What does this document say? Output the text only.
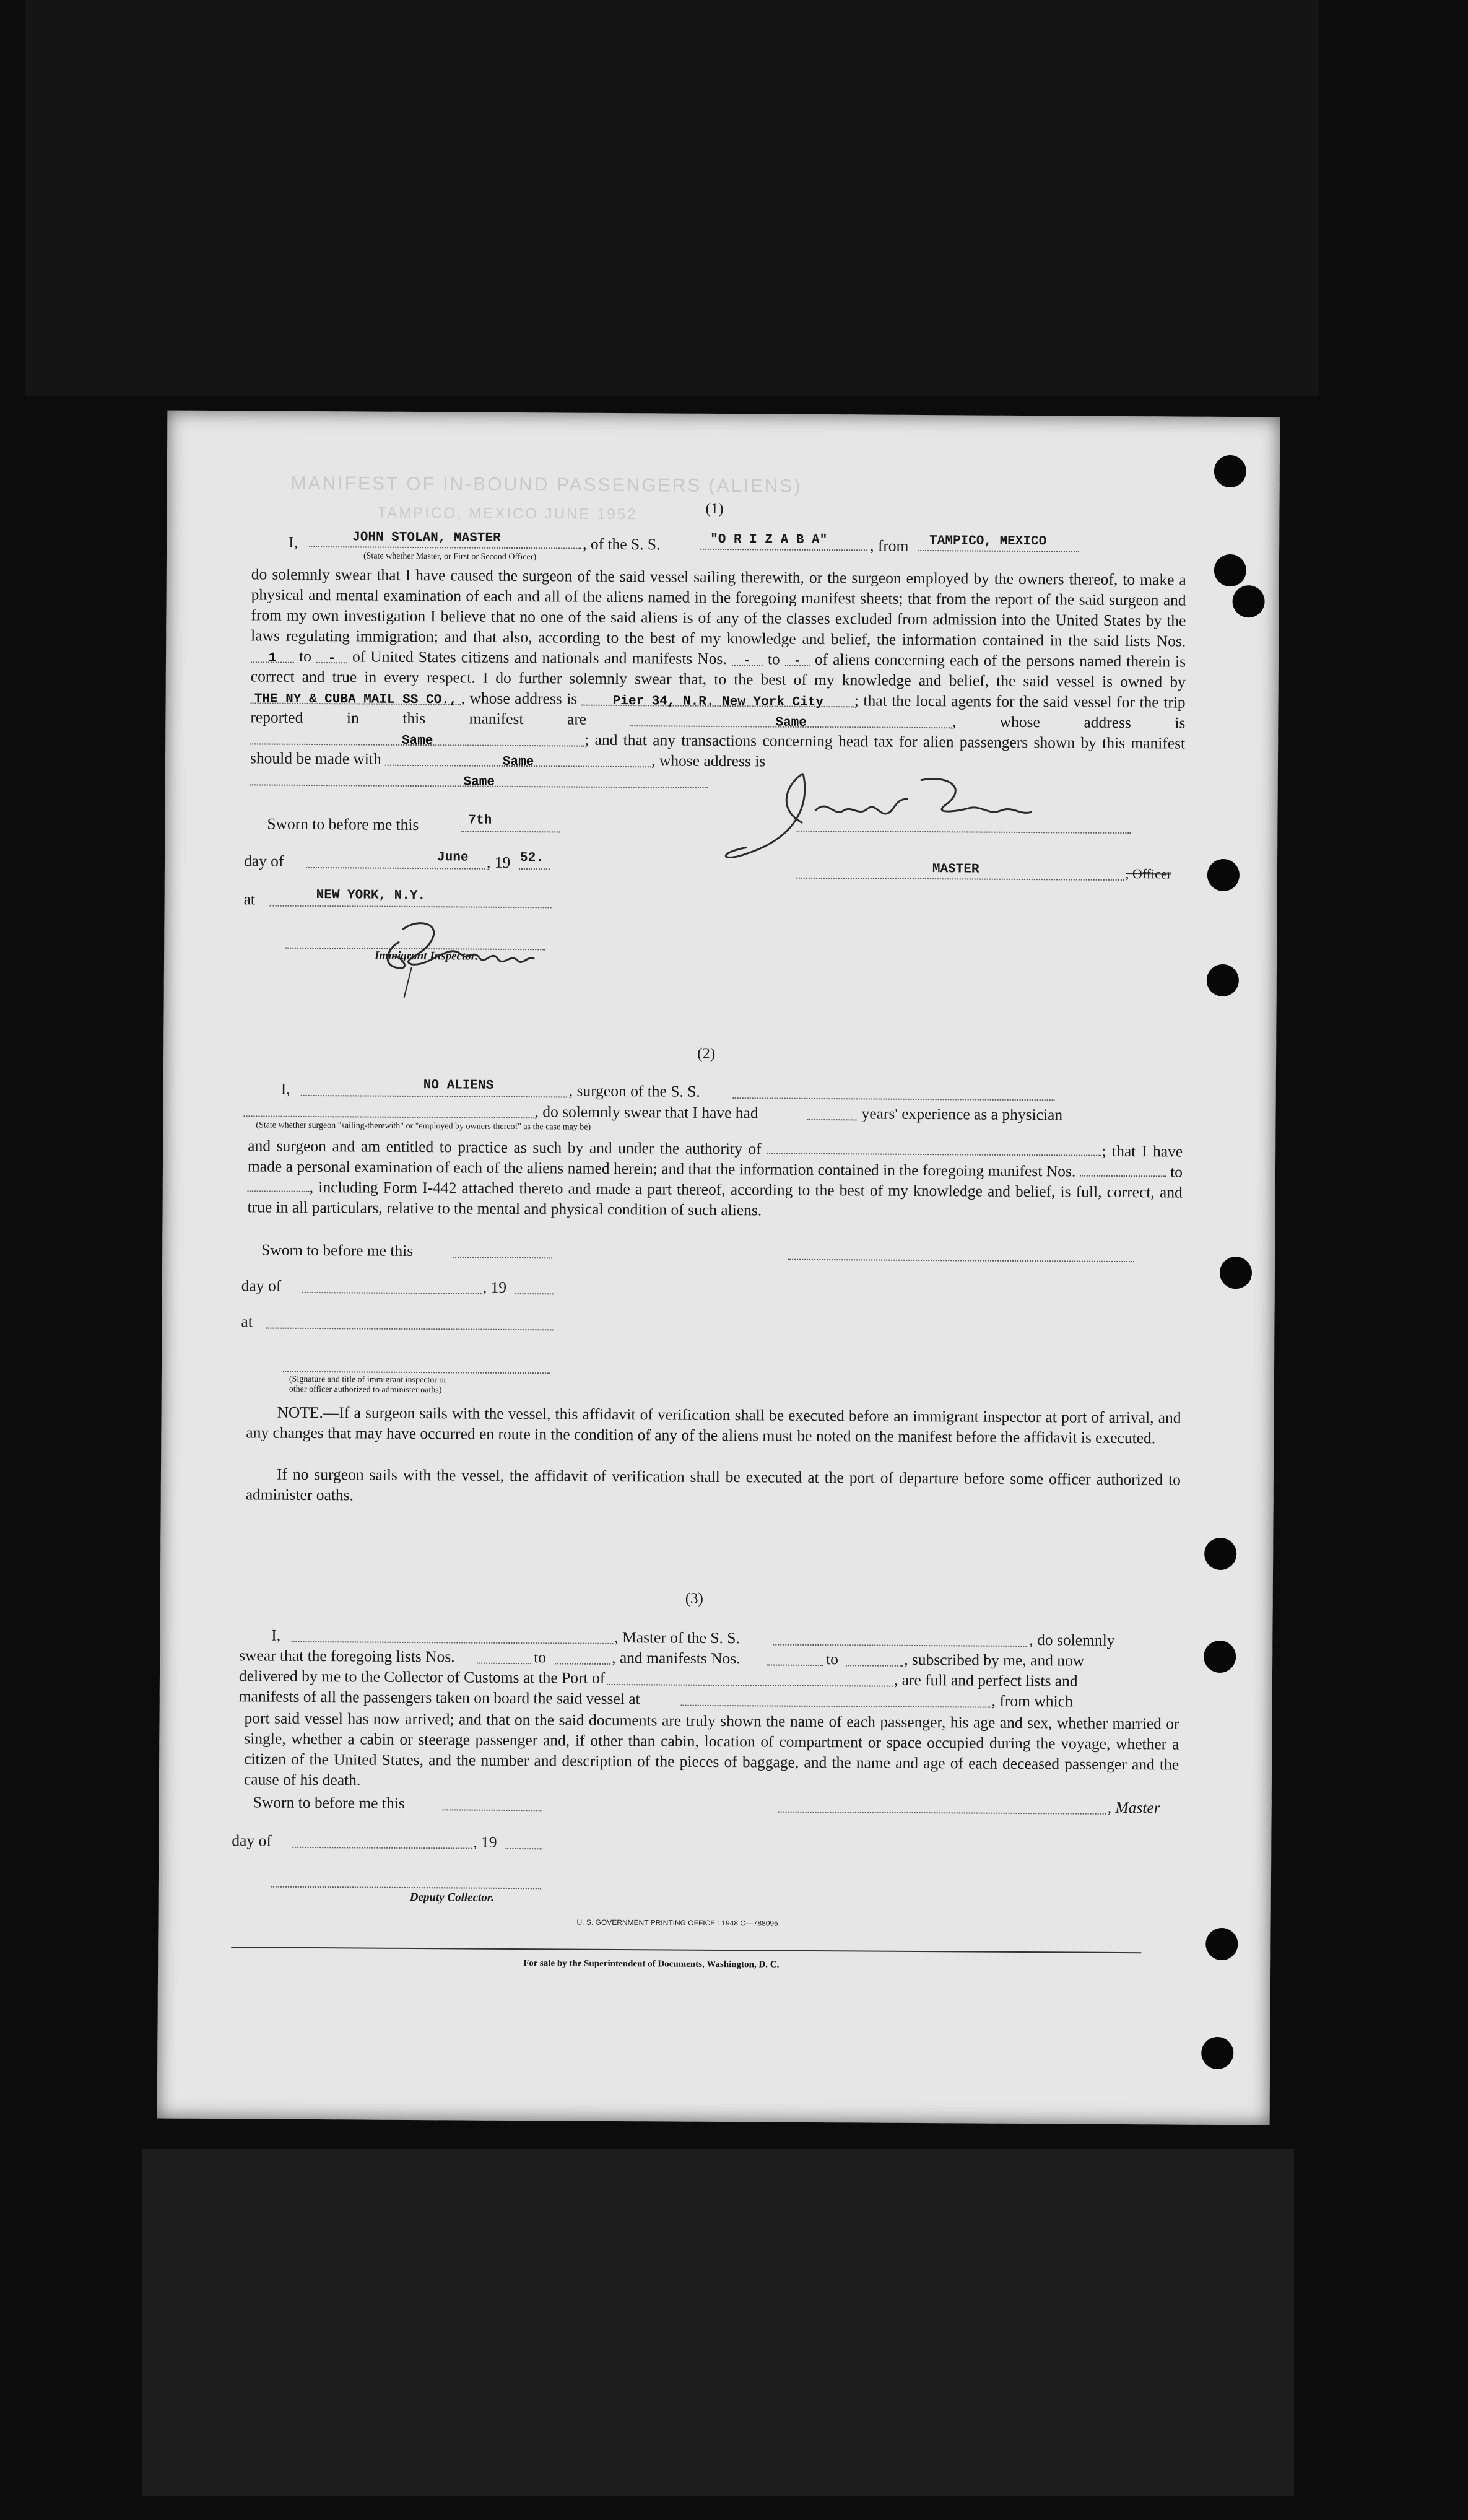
MANIFEST OF IN-BOUND PASSENGERS (ALIENS)
TAMPICO, MEXICO JUNE 1952	(1)
I,	JOHN STOLAN, MASTER	, of the S. S.	"O R I Z A B A"	, from TAMPICO, MEXICO
(State whether Master, or First or Second Officer)
do solemnly swear that I have caused the surgeon of the said vessel sailing therewith, or the surgeon employed by the owners thereof, to make a physical and mental examination of each and all of the aliens named in the foregoing manifest sheets; that from the report of the said surgeon and from my own investigation I believe that no one of the said aliens is of any of the classes excluded from admission into the United States by the laws regulating immigration; and that also, according to the best of my knowledge and belief, the information contained in the said lists Nos. 1 to - of United States citizens and nationals and manifests Nos. - to - of aliens concerning each of the persons named therein is correct and true in every respect. I do further solemnly swear that, to the best of my knowledge and belief, the said vessel is owned by THE NY & CUBA MAIL SS CO., , whose address is	Pier 34, N.R. New York City ; that the local agents for the said vessel for the trip reported in this manifest are	Same	, whose address is Same	; and that any transactions concerning head tax for alien passengers shown by this manifest should be made with	Same	, whose address is
Same
Sworn to before me this	7th
day of	June , 19 52.
at	NEW YORK, N.Y.
Immigrant Inspector.
MASTER	, Officer
(2)
I,	NO ALIENS	, surgeon of the S. S.
, do solemnly swear that I have had	years' experience as a physician
(State whether surgeon "sailing-therewith" or "employed by owners thereof" as the case may be)
and surgeon and am entitled to practice as such by and under the authority of	; that I have made a personal examination of each of the aliens named herein; and that the information contained in the foregoing manifest Nos.	to , including Form I-442 attached thereto and made a part thereof, according to the best of my knowledge and belief, is full, correct, and true in all particulars, relative to the mental and physical condition of such aliens.
Sworn to before me this
day of	, 19
at
(Signature and title of immigrant inspector or
other officer authorized to administer oaths)
NOTE.—If a surgeon sails with the vessel, this affidavit of verification shall be executed before an immigrant inspector at port of arrival, and any changes that may have occurred en route in the condition of any of the aliens must be noted on the manifest before the affidavit is executed.
If no surgeon sails with the vessel, the affidavit of verification shall be executed at the port of departure before some officer authorized to administer oaths.
(3)
I,	, Master of the S. S.	, do solemnly
swear that the foregoing lists Nos.	to	, and manifests Nos.	to	, subscribed by me, and now
delivered by me to the Collector of Customs at the Port of	, are full and perfect lists and
manifests of all the passengers taken on board the said vessel at	, from which
port said vessel has now arrived; and that on the said documents are truly shown the name of each passenger, his age and sex, whether married or single, whether a cabin or steerage passenger and, if other than cabin, location of compartment or space occupied during the voyage, whether a citizen of the United States, and the number and description of the pieces of baggage, and the name and age of each deceased passenger and the cause of his death.
Sworn to before me this	, Master
day of	, 19
Deputy Collector.
U. S. GOVERNMENT PRINTING OFFICE : 1948 O—788095
For sale by the Superintendent of Documents, Washington, D. C.
